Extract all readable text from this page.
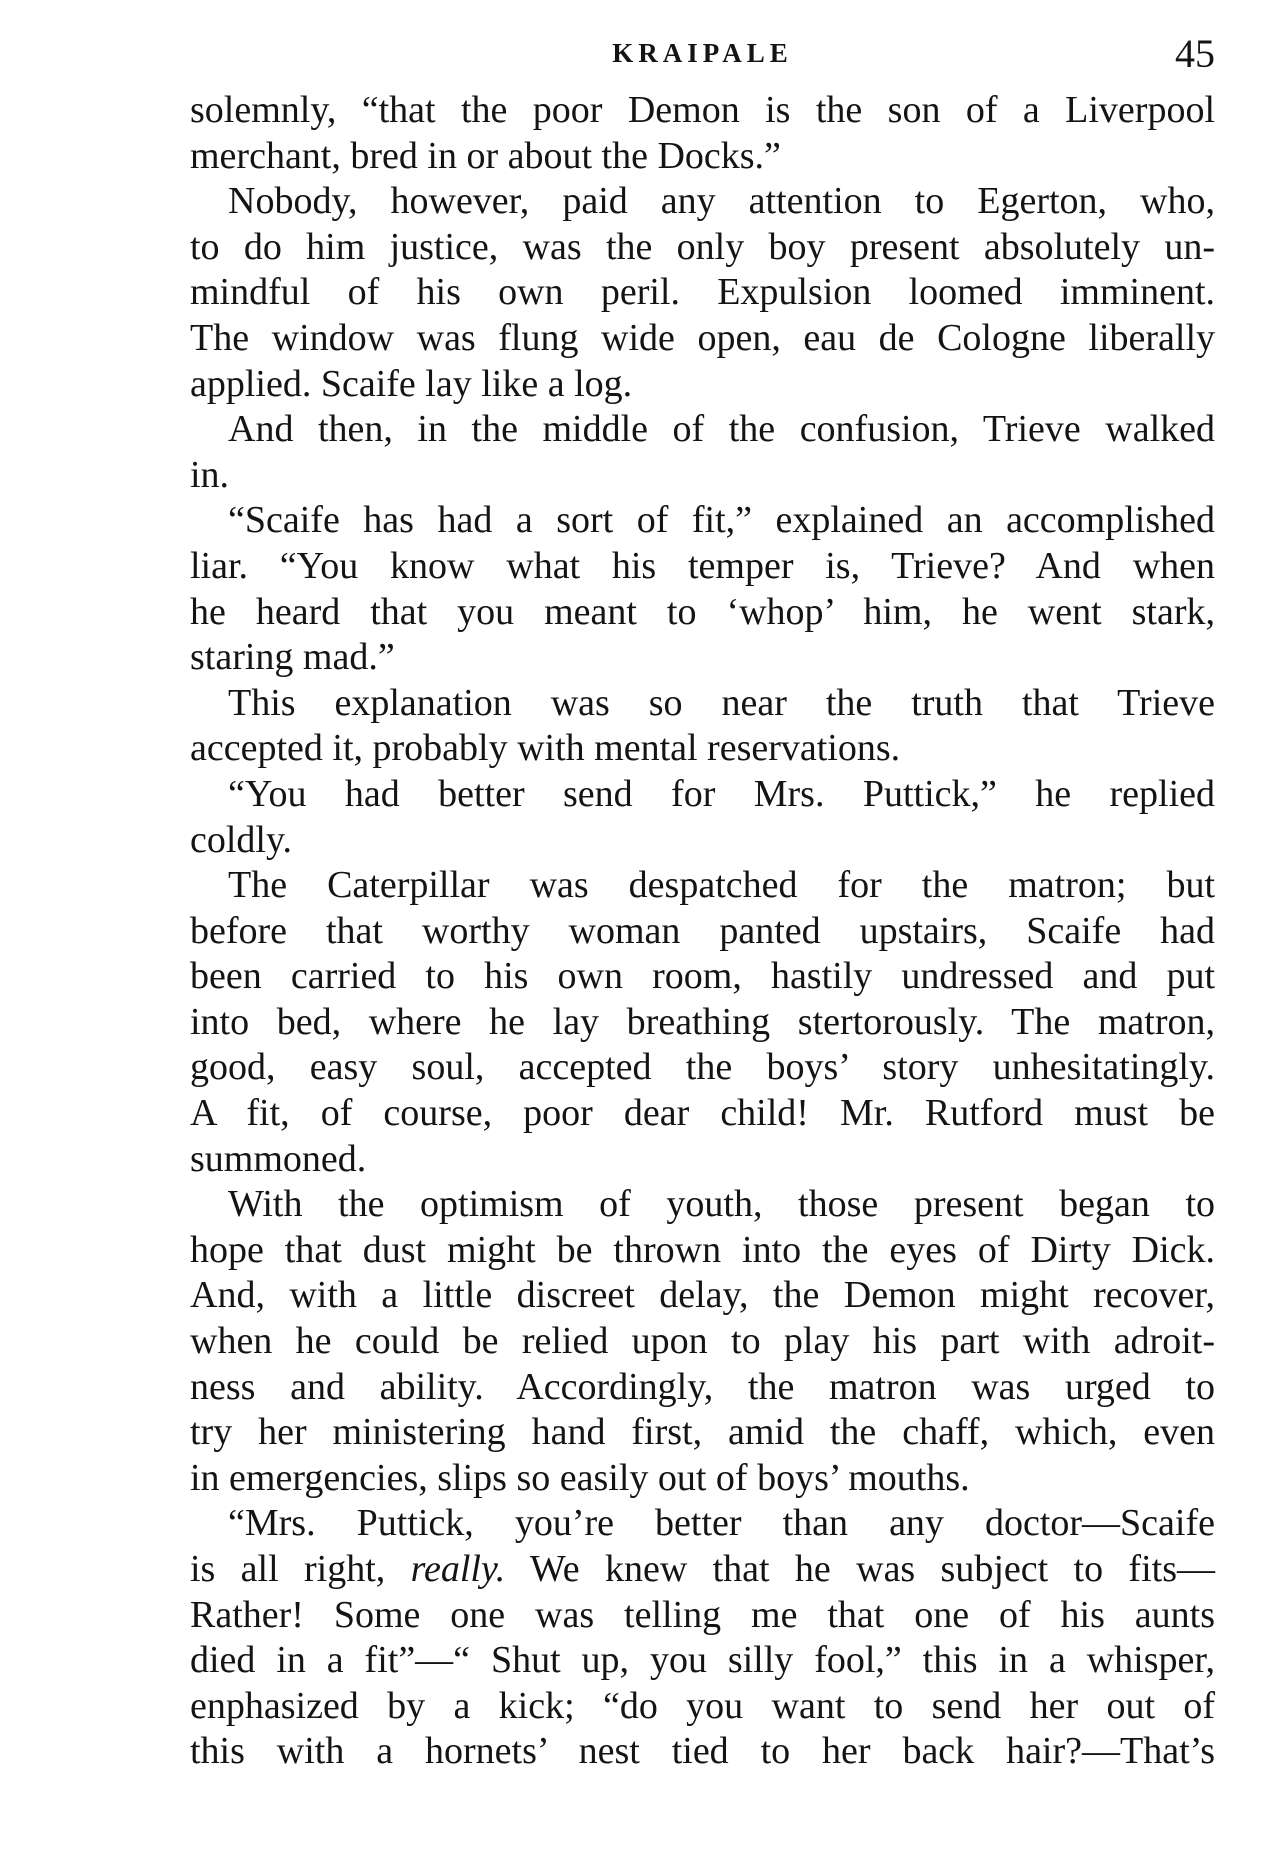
KRAIPALE	45
solemnly, “that the poor Demon is the son of a Liverpool
merchant, bred in or about the Docks.”
Nobody, however, paid any attention to Egerton, who,
to do him justice, was the only boy present absolutely un-
mindful of his own peril. Expulsion loomed imminent.
The window was flung wide open, eau de Cologne liberally
applied. Scaife lay like a log.
And then, in the middle of the confusion, Trieve walked
in.
“Scaife has had a sort of fit,” explained an accomplished
liar. “You know what his temper is, Trieve? And when
he heard that you meant to ‘whop’ him, he went stark,
staring mad.”
This explanation was so near the truth that Trieve
accepted it, probably with mental reservations.
“You had better send for Mrs. Puttick,” he replied
coldly.
The Caterpillar was despatched for the matron; but
before that worthy woman panted upstairs, Scaife had
been carried to his own room, hastily undressed and put
into bed, where he lay breathing stertorously. The matron,
good, easy soul, accepted the boys’ story unhesitatingly.
A fit, of course, poor dear child! Mr. Rutford must be
summoned.
With the optimism of youth, those present began to
hope that dust might be thrown into the eyes of Dirty Dick.
And, with a little discreet delay, the Demon might recover,
when he could be relied upon to play his part with adroit-
ness and ability. Accordingly, the matron was urged to
try her ministering hand first, amid the chaff, which, even
in emergencies, slips so easily out of boys’ mouths.
“Mrs. Puttick, you’re better than any doctor—Scaife
is all right, really. We knew that he was subject to fits—
Rather! Some one was telling me that one of his aunts
died in a fit”—“ Shut up, you silly fool,” this in a whisper,
enphasized by a kick; “do you want to send her out of
this with a hornets’ nest tied to her back hair?—That’s
